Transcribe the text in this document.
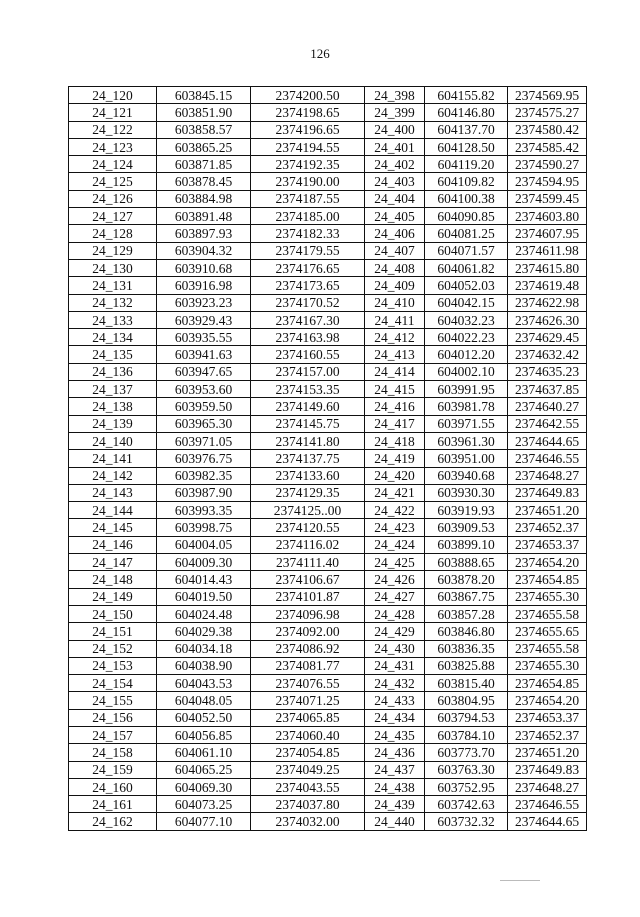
126
24_120	603845.15	2374200.50	24_398	604155.82	2374569.95
24_121	603851.90	2374198.65	24_399	604146.80	2374575.27
24_122	603858.57	2374196.65	24_400	604137.70	2374580.42
24_123	603865.25	2374194.55	24_401	604128.50	2374585.42
24_124	603871.85	2374192.35	24_402	604119.20	2374590.27
24_125	603878.45	2374190.00	24_403	604109.82	2374594.95
24_126	603884.98	2374187.55	24_404	604100.38	2374599.45
24_127	603891.48	2374185.00	24_405	604090.85	2374603.80
24_128	603897.93	2374182.33	24_406	604081.25	2374607.95
24_129	603904.32	2374179.55	24_407	604071.57	2374611.98
24_130	603910.68	2374176.65	24_408	604061.82	2374615.80
24_131	603916.98	2374173.65	24_409	604052.03	2374619.48
24_132	603923.23	2374170.52	24_410	604042.15	2374622.98
24_133	603929.43	2374167.30	24_411	604032.23	2374626.30
24_134	603935.55	2374163.98	24_412	604022.23	2374629.45
24_135	603941.63	2374160.55	24_413	604012.20	2374632.42
24_136	603947.65	2374157.00	24_414	604002.10	2374635.23
24_137	603953.60	2374153.35	24_415	603991.95	2374637.85
24_138	603959.50	2374149.60	24_416	603981.78	2374640.27
24_139	603965.30	2374145.75	24_417	603971.55	2374642.55
24_140	603971.05	2374141.80	24_418	603961.30	2374644.65
24_141	603976.75	2374137.75	24_419	603951.00	2374646.55
24_142	603982.35	2374133.60	24_420	603940.68	2374648.27
24_143	603987.90	2374129.35	24_421	603930.30	2374649.83
24_144	603993.35	2374125..00	24_422	603919.93	2374651.20
24_145	603998.75	2374120.55	24_423	603909.53	2374652.37
24_146	604004.05	2374116.02	24_424	603899.10	2374653.37
24_147	604009.30	2374111.40	24_425	603888.65	2374654.20
24_148	604014.43	2374106.67	24_426	603878.20	2374654.85
24_149	604019.50	2374101.87	24_427	603867.75	2374655.30
24_150	604024.48	2374096.98	24_428	603857.28	2374655.58
24_151	604029.38	2374092.00	24_429	603846.80	2374655.65
24_152	604034.18	2374086.92	24_430	603836.35	2374655.58
24_153	604038.90	2374081.77	24_431	603825.88	2374655.30
24_154	604043.53	2374076.55	24_432	603815.40	2374654.85
24_155	604048.05	2374071.25	24_433	603804.95	2374654.20
24_156	604052.50	2374065.85	24_434	603794.53	2374653.37
24_157	604056.85	2374060.40	24_435	603784.10	2374652.37
24_158	604061.10	2374054.85	24_436	603773.70	2374651.20
24_159	604065.25	2374049.25	24_437	603763.30	2374649.83
24_160	604069.30	2374043.55	24_438	603752.95	2374648.27
24_161	604073.25	2374037.80	24_439	603742.63	2374646.55
24_162	604077.10	2374032.00	24_440	603732.32	2374644.65
